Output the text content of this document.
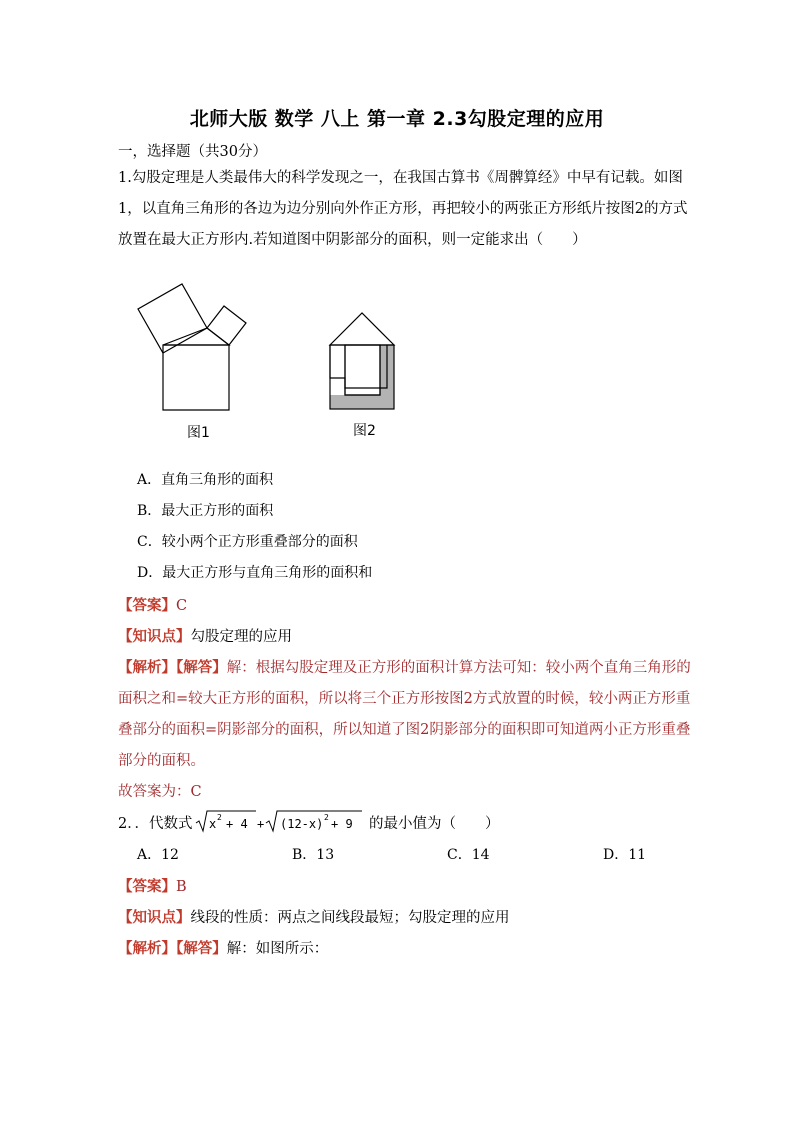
北师大版 数学 八上 第一章 2.3勾股定理的应用
一，选择题（共30分）
1.勾股定理是人类最伟大的科学发现之一，在我国古算书《周髀算经》中早有记载。如图
1，以直角三角形的各边为边分别向外作正方形，再把较小的两张正方形纸片按图2的方式
放置在最大正方形内.若知道图中阴影部分的面积，则一定能求出（　　）
图1	图2
A．直角三角形的面积
B．最大正方形的面积
C．较小两个正方形重叠部分的面积
D．最大正方形与直角三角形的面积和
【答案】C
【知识点】勾股定理的应用
【解析】【解答】解：根据勾股定理及正方形的面积计算方法可知：较小两个直角三角形的
面积之和=较大正方形的面积，所以将三个正方形按图2方式放置的时候，较小两正方形重
叠部分的面积=阴影部分的面积，所以知道了图2阴影部分的面积即可知道两小正方形重叠
部分的面积。
故答案为：C
2．．代数式 x 2 + 4 + (12-x) 2 + 9 的最小值为（　　）
A．12	B．13	C．14	D．11
【答案】B
【知识点】线段的性质：两点之间线段最短；勾股定理的应用
【解析】【解答】解：如图所示：
